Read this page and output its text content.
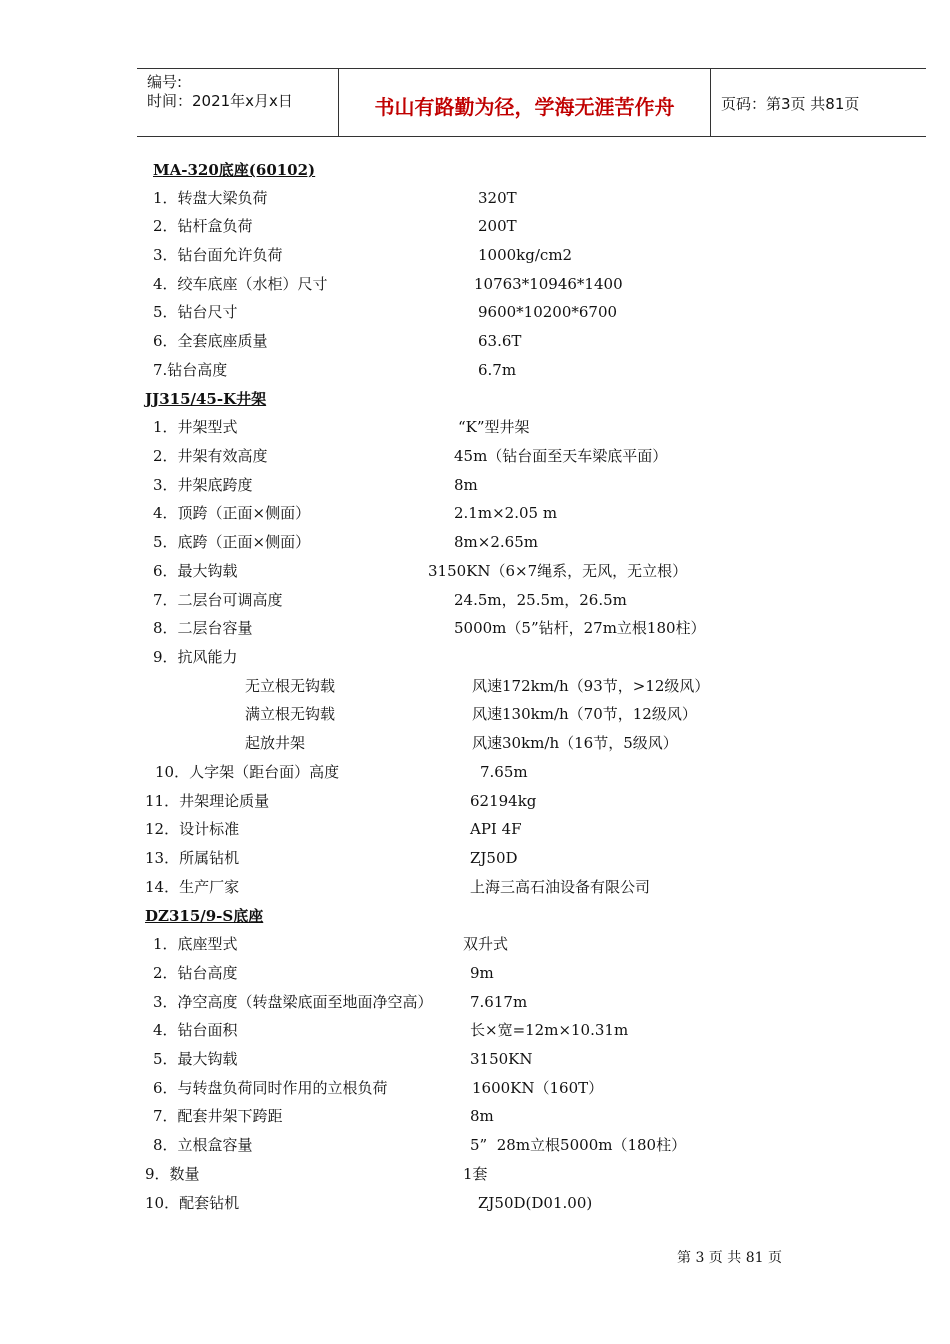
编号:
时间：2021年x月x日	书山有路勤为径，学海无涯苦作舟	页码：第3页 共81页
MA-320底座(60102)
1．转盘大梁负荷	320T
2．钻杆盒负荷	200T
3．钻台面允许负荷	1000kg/cm2
4．绞车底座（水柜）尺寸	10763*10946*1400
5．钻台尺寸	9600*10200*6700
6．全套底座质量	63.6T
7.钻台高度	6.7m
JJ315/45-K井架
1．井架型式	“K”型井架
2．井架有效高度	45m（钻台面至天车梁底平面）
3．井架底跨度	8m
4．顶跨（正面×侧面）	2.1m×2.05 m
5．底跨（正面×侧面）	8m×2.65m
6．最大钩载	3150KN（6×7绳系，无风，无立根）
7．二层台可调高度	24.5m，25.5m，26.5m
8．二层台容量	5000m（5”钻杆，27m立根180柱）
9．抗风能力
无立根无钩载	风速172km/h（93节，>12级风）
满立根无钩载	风速130km/h（70节，12级风）
起放井架	风速30km/h（16节，5级风）
10．人字架（距台面）高度	7.65m
11．井架理论质量	62194kg
12．设计标准	API 4F
13．所属钻机	ZJ50D
14．生产厂家	上海三高石油设备有限公司
DZ315/9-S底座
1．底座型式	双升式
2．钻台高度	9m
3．净空高度（转盘梁底面至地面净空高） 7.617m
4．钻台面积	长×宽=12m×10.31m
5．最大钩载	3150KN
6．与转盘负荷同时作用的立根负荷	1600KN（160T）
7．配套井架下跨距	8m
8．立根盒容量	5”  28m立根5000m（180柱）
9．数量	1套
10．配套钻机	ZJ50D(D01.00)
第 3 页 共 81 页
